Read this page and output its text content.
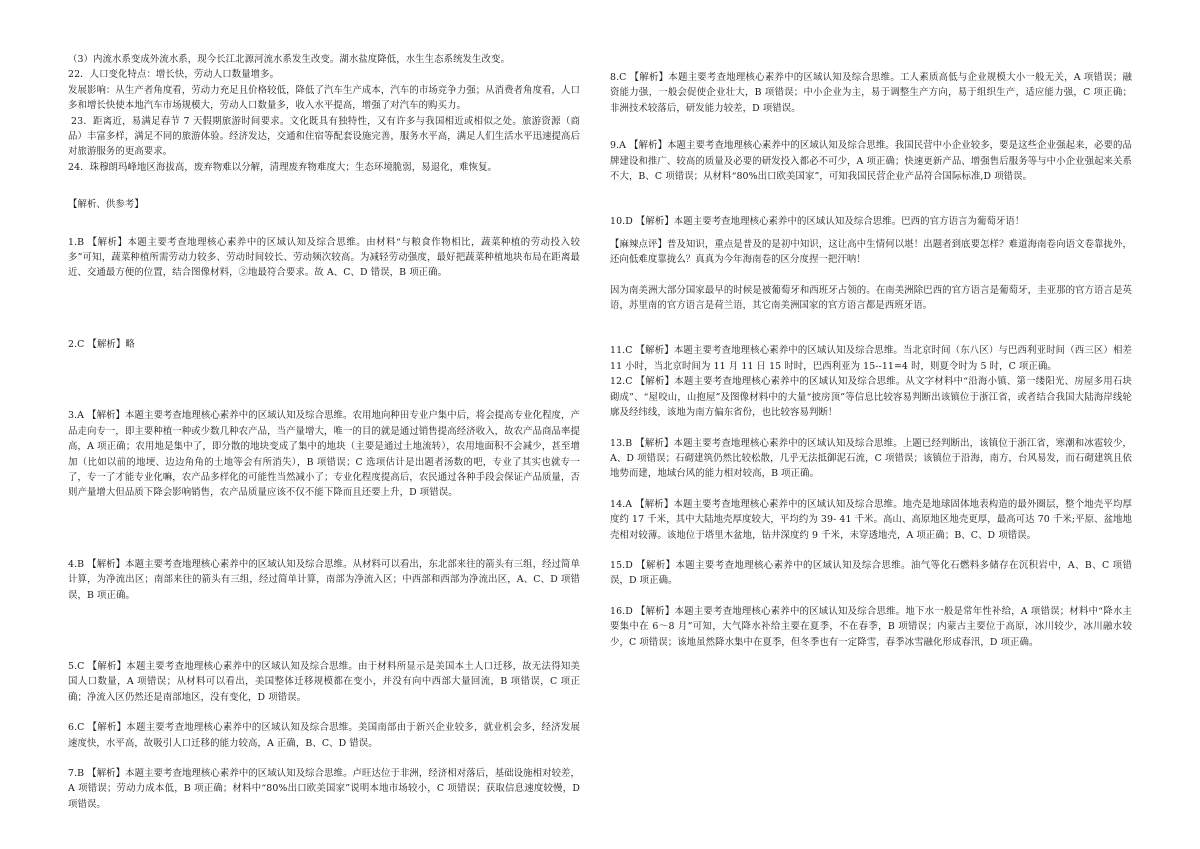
（3）内流水系变成外流水系，现今长江北源河流水系发生改变。湖水盐度降低，水生生态系统发生改变。

22．人口变化特点：增长快，劳动人口数量增多。

发展影响：从生产者角度看，劳动力充足且价格较低，降低了汽车生产成本，汽车的市场竞争力强；从消费者角度看，人口多和增长快使本地汽车市场规模大，劳动人口数量多，收入水平提高，增强了对汽车的购买力。

23．距离近，易满足春节 7 天假期旅游时间要求。文化既具有独特性，又有许多与我国相近或相似之处。旅游资源（商品）丰富多样，满足不同的旅游体验。经济发达，交通和住宿等配套设施完善，服务水平高，满足人们生活水平迅速提高后对旅游服务的更高要求。

24．珠穆朗玛峰地区海拔高，废弃物难以分解，清理废弃物难度大；生态环境脆弱，易退化，难恢复。

【解析、供参考】

1.B 【解析】本题主要考查地理核心素养中的区域认知及综合思维。由材料“与粮食作物相比，蔬菜种植的劳动投入较多”可知，蔬菜种植所需劳动力较多、劳动时间较长、劳动频次较高。为减轻劳动强度，最好把蔬菜种植地块布局在距离最近、交通最方便的位置，结合图像材料，②地最符合要求。故 A、C、D 错误，B 项正确。

2.C 【解析】略

3.A 【解析】本题主要考查地理核心素养中的区域认知及综合思维。农用地向种田专业户集中后，将会提高专业化程度，产品走向专一，即主要种植一种或少数几种农产品，当产量增大，唯一的目的就是通过销售提高经济收入，故农产品商品率提高，A 项正确；农用地是集中了，即分散的地块变成了集中的地块（主要是通过土地流转），农用地面积不会减少，甚至增加（比如以前的地埂、边边角角的土地等会有所消失），B 项错误；C 选项估计是出题者汤数的吧，专业了其实也就专一了，专一了才能专业化嘛，农产品多样化的可能性当然减小了；专业化程度提高后，农民通过各种手段会保证产品质量，否则产量增大但品质下降会影响销售，农产品质量应该不仅不能下降而且还要上升，D 项错误。

4.B 【解析】本题主要考查地理核心素养中的区域认知及综合思维。从材料可以看出，东北部来往的箭头有三组，经过简单计算，为净流出区；南部来往的箭头有三组，经过简单计算，南部为净流入区；中西部和西部为净流出区，A、C、D 项错误，B 项正确。

5.C 【解析】本题主要考查地理核心素养中的区域认知及综合思维。由于材料所显示是美国本土人口迁移，故无法得知美国人口数量，A 项错误；从材料可以看出，美国整体迁移规模都在变小，并没有向中西部大量回流，B 项错误，C 项正确；净流入区仍然还是南部地区，没有变化，D 项错误。

6.C 【解析】本题主要考查地理核心素养中的区域认知及综合思维。美国南部由于新兴企业较多，就业机会多，经济发展速度快，水平高，故吸引人口迁移的能力较高，A 正确，B、C、D 错误。

7.B 【解析】本题主要考查地理核心素养中的区域认知及综合思维。卢旺达位于非洲，经济相对落后，基础设施相对较差，A 项错误；劳动力成本低，B 项正确；材料中“80%出口欧美国家”说明本地市场较小，C 项错误；获取信息速度较慢，D 项错误。

8.C 【解析】本题主要考查地理核心素养中的区域认知及综合思维。工人素质高低与企业规模大小一般无关，A 项错误；融资能力强，一般会促使企业壮大，B 项错误；中小企业为主，易于调整生产方向，易于组织生产，适应能力强，C 项正确；非洲技术较落后，研发能力较差，D 项错误。

9.A 【解析】本题主要考查地理核心素养中的区域认知及综合思维。我国民营中小企业较多，要是这些企业强起来，必要的品牌建设和推广、较高的质量及必要的研发投入都必不可少，A 项正确；快速更新产品、增强售后服务等与中小企业强起来关系不大，B、C 项错误；从材料“80%出口欧美国家”，可知我国民营企业产品符合国际标准,D 项错误。

10.D 【解析】本题主要考查地理核心素养中的区域认知及综合思维。巴西的官方语言为葡萄牙语！

【麻辣点评】普及知识，重点是普及的是初中知识，这让高中生情何以堪！出题者到底要怎样？难道海南卷向语文卷靠拢外，还向低难度靠拢么？真真为今年海南卷的区分度捏一把汗呐！

因为南美洲大部分国家最早的时候是被葡萄牙和西班牙占领的。在南美洲除巴西的官方语言是葡萄牙，圭亚那的官方语言是英语，苏里南的官方语言是荷兰语，其它南美洲国家的官方语言都是西班牙语。

11.C 【解析】本题主要考查地理核心素养中的区域认知及综合思维。当北京时间（东八区）与巴西利亚时间（西三区）相差 11 小时，当北京时间为 11 月 11 日 15 时时，巴西利亚为 15--11=4 时，则夏令时为 5 时，C 项正确。

12.C 【解析】本题主要考查地理核心素养中的区域认知及综合思维。从文字材料中“沿海小镇、第一缕阳光、房屋多用石块砌成”、“屋咬山，山抱屋”及图像材料中的大量“披房顶”等信息比较容易判断出该镇位于浙江省，或者结合我国大陆海岸线轮廓及经纬线，该地为南方偏东省份，也比较容易判断！

13.B 【解析】本题主要考查地理核心素养中的区域认知及综合思维。上题已经判断出，该镇位于浙江省，寒潮和冰雹较少，A、D 项错误；石砌建筑仍然比较松散，几乎无法抵御泥石流，C 项错误；该镇位于沿海，南方，台风易发，而石砌建筑且依地势而建，地域台风的能力相对较高，B 项正确。

14.A 【解析】本题主要考查地理核心素养中的区域认知及综合思维。地壳是地球固体地表构造的最外圈层，整个地壳平均厚度约 17 千米，其中大陆地壳厚度较大，平均约为 39- 41 千米。高山、高原地区地壳更厚，最高可达 70 千米;平原、盆地地壳相对较薄。该地位于塔里木盆地，钻井深度约 9 千米，未穿透地壳，A 项正确；B、C、D 项错误。

15.D 【解析】本题主要考查地理核心素养中的区域认知及综合思维。油气等化石燃料多储存在沉积岩中，A、B、C 项错误，D 项正确。

16.D 【解析】本题主要考查地理核心素养中的区域认知及综合思维。地下水一般是常年性补给，A 项错误；材料中“降水主要集中在 6～8 月”可知，大气降水补给主要在夏季，不在春季，B 项错误；内蒙古主要位于高原，冰川较少，冰川融水较少，C 项错误；该地虽然降水集中在夏季，但冬季也有一定降雪，春季冰雪融化形成春汛，D 项正确。
